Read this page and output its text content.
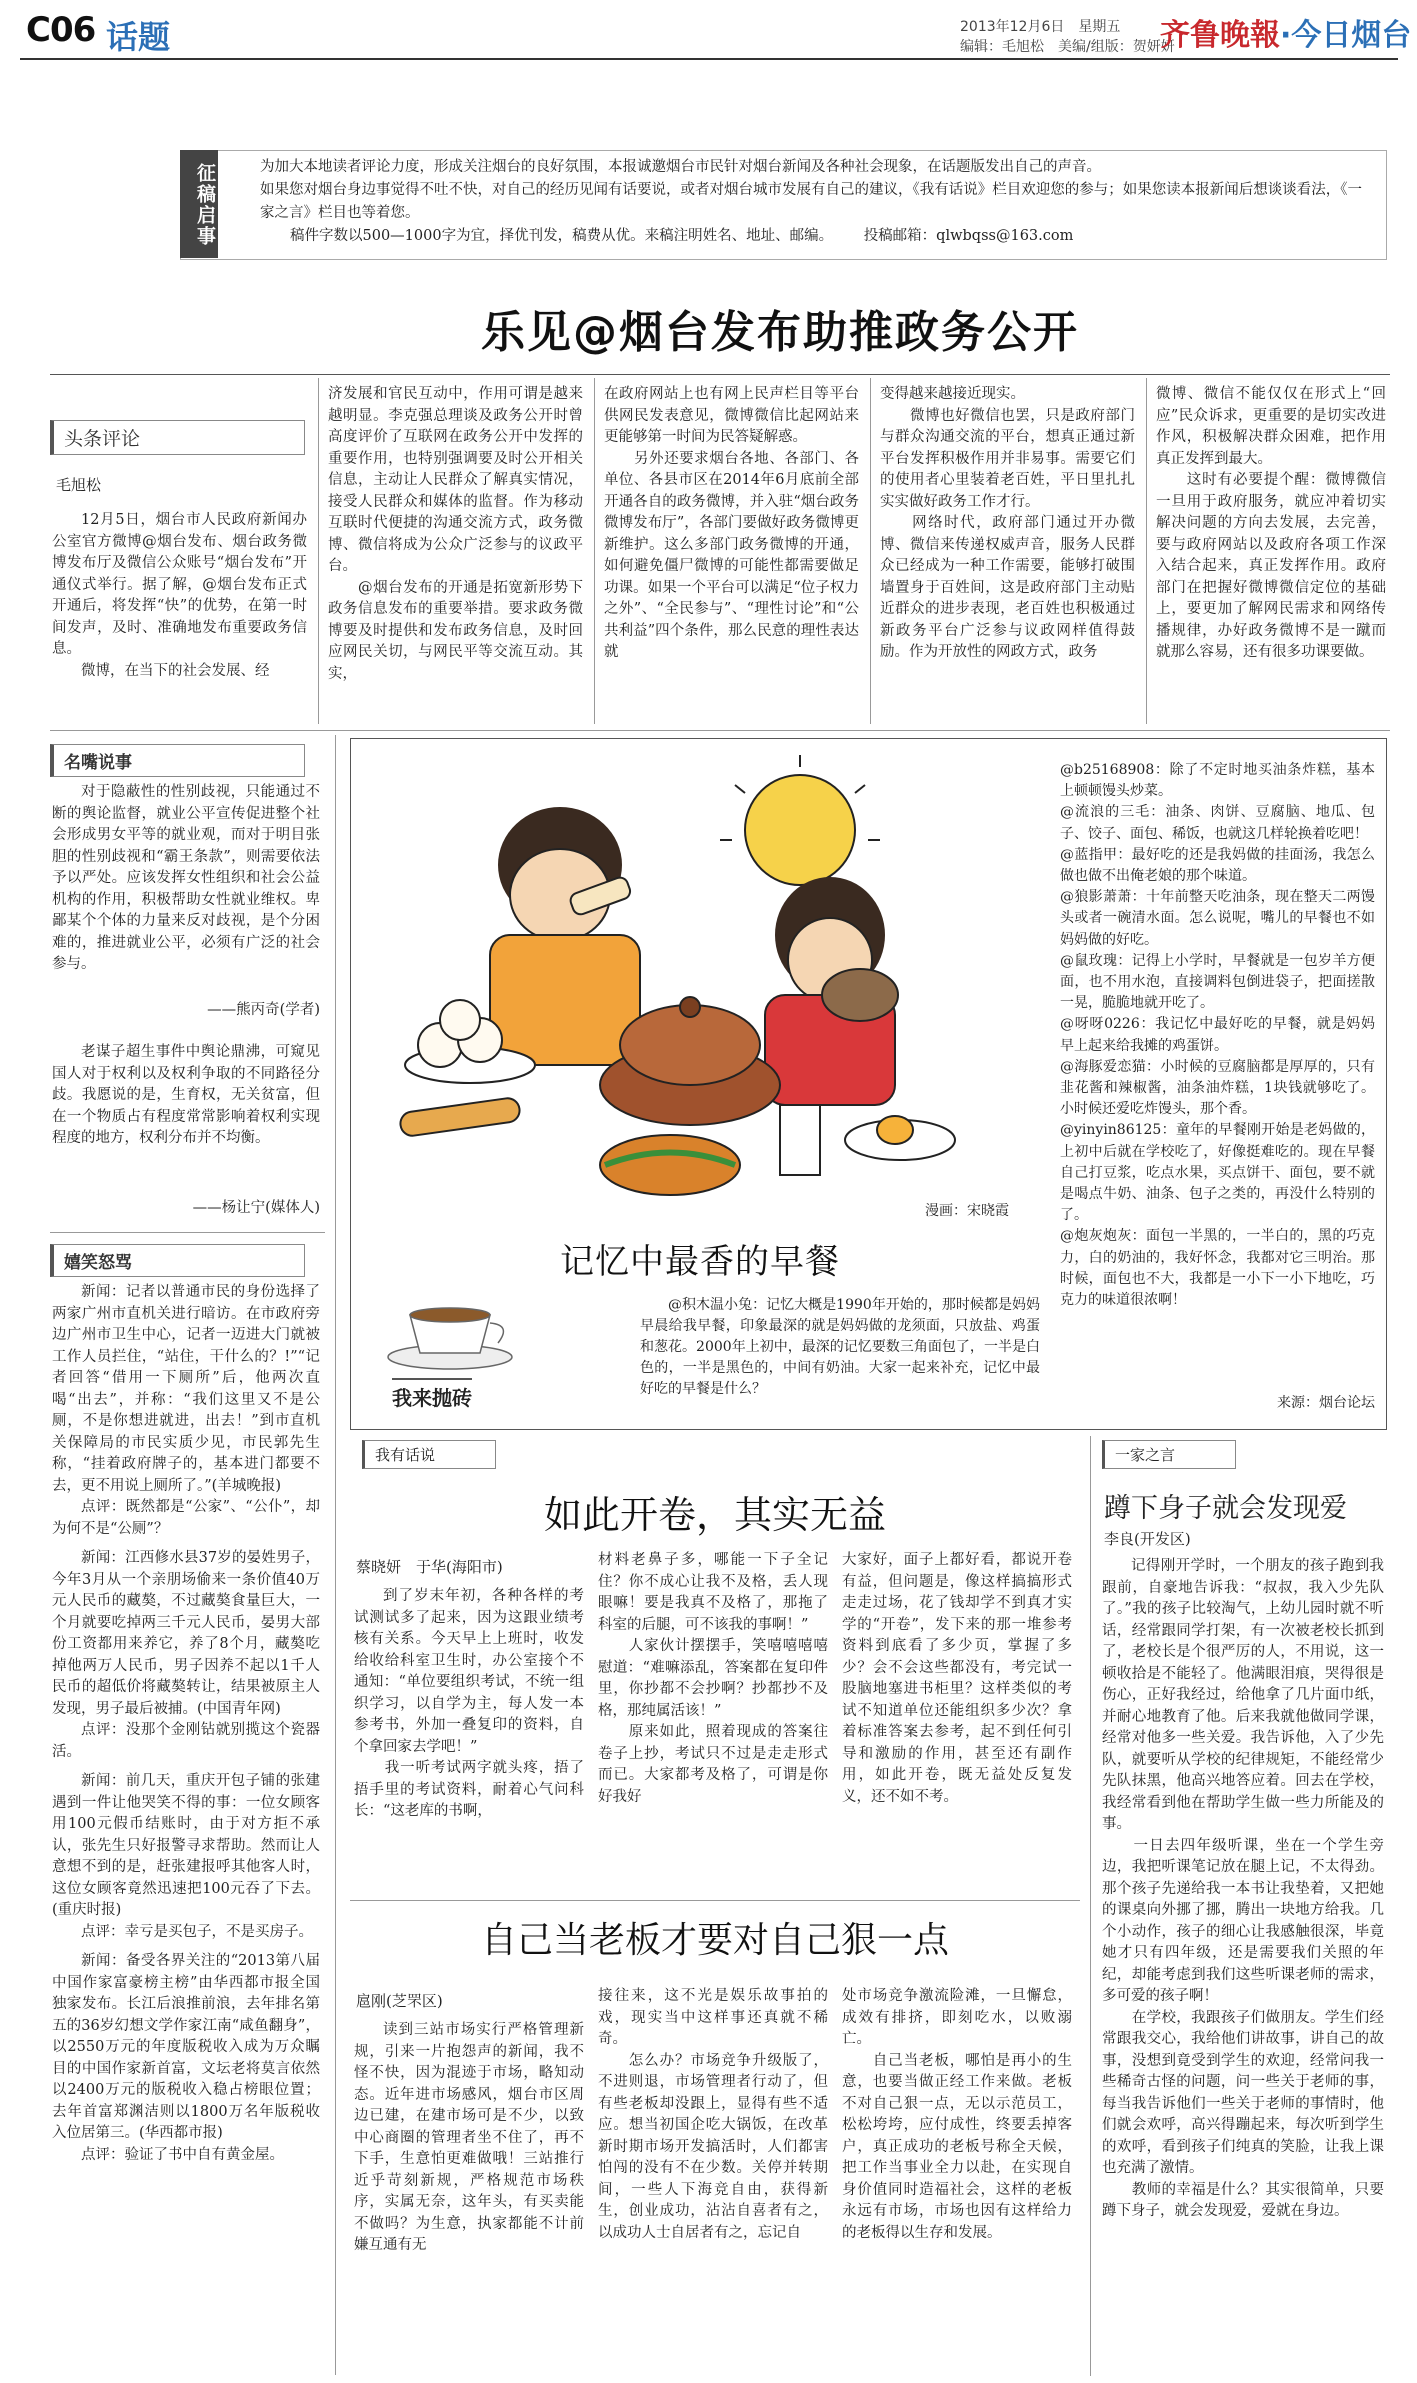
C06 话题	2013年12月6日　星期五
编辑：毛旭松　美编/组版：贺妍妍
齐鲁晚報·今日烟台
征稿启事	为加大本地读者评论力度，形成关注烟台的良好氛围，本报诚邀烟台市民针对烟台新闻及各种社会现象，在话题版发出自己的声音。
如果您对烟台身边事觉得不吐不快，对自己的经历见闻有话要说，或者对烟台城市发展有自己的建议，《我有话说》栏目欢迎您的参与；如果您读本报新闻后想谈谈看法，《一家之言》栏目也等着您。
稿件字数以500—1000字为宜，择优刊发，稿费从优。来稿注明姓名、地址、邮编。 投稿邮箱：qlwbqss@163.com
乐见@烟台发布助推政务公开
头条评论
毛旭松
12月5日，烟台市人民政府新闻办公室官方微博@烟台发布、烟台政务微博发布厅及微信公众账号“烟台发布”开通仪式举行。据了解，@烟台发布正式开通后，将发挥“快”的优势，在第一时间发声，及时、准确地发布重要政务信息。
　　微博，在当下的社会发展、经
济发展和官民互动中，作用可谓是越来越明显。李克强总理谈及政务公开时曾高度评价了互联网在政务公开中发挥的重要作用，也特别强调要及时公开相关信息，主动让人民群众了解真实情况，接受人民群众和媒体的监督。作为移动互联时代便捷的沟通交流方式，政务微博、微信将成为公众广泛参与的议政平台。
　　@烟台发布的开通是拓宽新形势下政务信息发布的重要举措。要求政务微博要及时提供和发布政务信息，及时回应网民关切，与网民平等交流互动。其实，
在政府网站上也有网上民声栏目等平台供网民发表意见，微博微信比起网站来更能够第一时间为民答疑解惑。
　　另外还要求烟台各地、各部门、各单位、各县市区在2014年6月底前全部开通各自的政务微博，并入驻“烟台政务微博发布厅”，各部门要做好政务微博更新维护。这么多部门政务微博的开通，如何避免僵尸微博的可能性都需要做足功课。如果一个平台可以满足“位子权力之外”、“全民参与”、“理性讨论”和“公共利益”四个条件，那么民意的理性表达就
变得越来越接近现实。
　　微博也好微信也罢，只是政府部门与群众沟通交流的平台，想真正通过新平台发挥积极作用并非易事。需要它们的使用者心里装着老百姓，平日里扎扎实实做好政务工作才行。
　　网络时代，政府部门通过开办微博、微信来传递权威声音，服务人民群众已经成为一种工作需要，能够打破围墙置身于百姓间，这是政府部门主动贴近群众的进步表现，老百姓也积极通过新政务平台广泛参与议政网样值得鼓励。作为开放性的网政方式，政务
微博、微信不能仅仅在形式上“回应”民众诉求，更重要的是切实改进作风，积极解决群众困难，把作用真正发挥到最大。
　　这时有必要提个醒：微博微信一旦用于政府服务，就应冲着切实解决问题的方向去发展，去完善，要与政府网站以及政府各项工作深入结合起来，真正发挥作用。政府部门在把握好微博微信定位的基础上，要更加了解网民需求和网络传播规律，办好政务微博不是一蹴而就那么容易，还有很多功课要做。
名嘴说事
对于隐蔽性的性别歧视，只能通过不断的舆论监督，就业公平宣传促进整个社会形成男女平等的就业观，而对于明目张胆的性别歧视和“霸王条款”，则需要依法予以严处。应该发挥女性组织和社会公益机构的作用，积极帮助女性就业维权。卑鄙某个个体的力量来反对歧视，是个分困难的，推进就业公平，必须有广泛的社会参与。
——熊丙奇(学者)
老谋子超生事件中舆论鼎沸，可窥见国人对于权利以及权利争取的不同路径分歧。我愿说的是，生育权，无关贫富，但在一个物质占有程度常常影响着权利实现程度的地方，权利分布并不均衡。
——杨让宁(媒体人)
嬉笑怒骂
新闻：记者以普通市民的身份选择了两家广州市直机关进行暗访。在市政府旁边广州市卫生中心，记者一迈进大门就被工作人员拦住，“站住，干什么的？!”“记者回答“借用一下厕所”后，他两次直喝“出去”，并称：“我们这里又不是公厕，不是你想进就进，出去！”到市直机关保障局的市民实质少见，市民郭先生称，“挂着政府牌子的，基本进门都要不去，更不用说上厕所了。”(羊城晚报)
点评：既然都是“公家”、“公仆”，却为何不是“公厕”？
新闻：江西修水县37岁的晏姓男子，今年3月从一个亲朋场偷来一条价值40万元人民币的藏獒，不过藏獒食量巨大，一个月就要吃掉两三千元人民币，晏男大部份工资都用来养它，养了8个月，藏獒吃掉他两万人民币，男子因养不起以1千人民币的超低价将藏獒转让，结果被原主人发现，男子最后被捕。(中国青年网)
点评：没那个金刚钻就别揽这个瓷器活。
新闻：前几天，重庆开包子铺的张建遇到一件让他哭笑不得的事：一位女顾客用100元假币结账时，由于对方拒不承认，张先生只好报警寻求帮助。然而让人意想不到的是，赶张建报呼其他客人时，这位女顾客竟然迅速把100元吞了下去。(重庆时报)
点评：幸亏是买包子，不是买房子。
新闻：备受各界关注的“2013第八届中国作家富豪榜主榜”由华西都市报全国独家发布。长江后浪推前浪，去年排名第五的36岁幻想文学作家江南“咸鱼翻身”，以2550万元的年度版税收入成为万众瞩目的中国作家新首富，文坛老将莫言依然以2400万元的版税收入稳占榜眼位置；去年首富郑渊洁则以1800万名年版税收入位居第三。(华西都市报)
点评：验证了书中自有黄金屋。
漫画：宋晓霞
记忆中最香的早餐
我来抛砖
@积木温小兔：记忆大概是1990年开始的，那时候都是妈妈早晨给我早餐，印象最深的就是妈妈做的龙须面，只放盐、鸡蛋和葱花。2000年上初中，最深的记忆要数三角面包了，一半是白色的，一半是黑色的，中间有奶油。大家一起来补充，记忆中最好吃的早餐是什么？
@b25168908：除了不定时地买油条炸糕，基本上顿顿馒头炒菜。
@流浪的三毛：油条、肉饼、豆腐脑、地瓜、包子、饺子、面包、稀饭，也就这几样轮换着吃吧！
@蓝指甲：最好吃的还是我妈做的挂面汤，我怎么做也做不出俺老娘的那个味道。
@狼影萧萧：十年前整天吃油条，现在整天二两馒头或者一碗清水面。怎么说呢，嘴儿的早餐也不如妈妈做的好吃。
@鼠玫瑰：记得上小学时，早餐就是一包岁羊方便面，也不用水泡，直接调料包倒进袋子，把面搓散一晃，脆脆地就开吃了。
@呀呀0226：我记忆中最好吃的早餐，就是妈妈早上起来给我摊的鸡蛋饼。
@海豚爱恋猫：小时候的豆腐脑都是厚厚的，只有韭花酱和辣椒酱，油条油炸糕，1块钱就够吃了。小时候还爱吃炸馒头，那个香。
@yinyin86125：童年的早餐刚开始是老妈做的，上初中后就在学校吃了，好像挺难吃的。现在早餐自己打豆浆，吃点水果，买点饼干、面包，要不就是喝点牛奶、油条、包子之类的，再没什么特别的了。
@炮灰炮灰：面包一半黑的，一半白的，黑的巧克力，白的奶油的，我好怀念，我都对它三明治。那时候，面包也不大，我都是一小下一小下地吃，巧克力的味道很浓啊！
来源：烟台论坛
我有话说
如此开卷，其实无益
蔡晓妍　于华(海阳市)
到了岁末年初，各种各样的考试测试多了起来，因为这跟业绩考核有关系。今天早上上班时，收发给收给科室卫生时，办公室接个不通知：“单位要组织考试，不统一组织学习，以自学为主，每人发一本参考书，外加一叠复印的资料，自个拿回家去学吧！”
　　我一听考试两字就头疼，捂了捂手里的考试资料，耐着心气问科长：“这老库的书啊，
材料老鼻子多，哪能一下子全记住？你不成心让我不及格，丢人现眼嘛！要是我真不及格了，那拖了科室的后腿，可不该我的事啊！”
　　人家伙计摆摆手，笑嘻嘻嘻嘻慰道：“难嘛添乱，答案都在复印件里，你抄都不会抄啊？抄都抄不及格，那纯属活该！”
　　原来如此，照着现成的答案往卷子上抄，考试只不过是走走形式而已。大家都考及格了，可谓是你好我好
大家好，面子上都好看，都说开卷有益，但问题是，像这样搞搞形式走走过场，花了钱却学不到真才实学的“开卷”，发下来的那一堆参考资料到底看了多少页，掌握了多少？会不会这些都没有，考完试一股脑地塞进书柜里？这样类似的考试不知道单位还能组织多少次？拿着标准答案去参考，起不到任何引导和激励的作用，甚至还有副作用，如此开卷，既无益处反复发义，还不如不考。
一家之言
蹲下身子就会发现爱
李良(开发区)
记得刚开学时，一个朋友的孩子跑到我跟前，自豪地告诉我：“叔叔，我入少先队了。”我的孩子比较淘气，上幼儿园时就不听话，经常跟同学打架，有一次被老校长抓到了，老校长是个很严厉的人，不用说，这一顿收拾是不能轻了。他满眼泪痕，哭得很是伤心，正好我经过，给他拿了几片面巾纸，并耐心地教育了他。后来我就他做同学课，经常对他多一些关爱。我告诉他，入了少先队，就要听从学校的纪律规矩，不能经常少先队抹黑，他高兴地答应着。回去在学校，我经常看到他在帮助学生做一些力所能及的事。
　　一日去四年级听课，坐在一个学生旁边，我把听课笔记放在腿上记，不太得劲。那个孩子先递给我一本书让我垫着，又把她的课桌向外挪了挪，腾出一块地方给我。几个小动作，孩子的细心让我感触很深，毕竟她才只有四年级，还是需要我们关照的年纪，却能考虑到我们这些听课老师的需求，多可爱的孩子啊！
　　在学校，我跟孩子们做朋友。学生们经常跟我交心，我给他们讲故事，讲自己的故事，没想到竟受到学生的欢迎，经常问我一些稀奇古怪的问题，问一些关于老师的事，每当我告诉他们一些关于老师的事情时，他们就会欢呼，高兴得蹦起来，每次听到学生的欢呼，看到孩子们纯真的笑脸，让我上课也充满了激情。
　　教师的幸福是什么？其实很简单，只要蹲下身子，就会发现爱，爱就在身边。
自己当老板才要对自己狠一点
扈刚(芝罘区)
读到三站市场实行严格管理新规，引来一片抱怨声的新闻，我不怪不快，因为混迹于市场，略知动态。近年进市场感风，烟台市区周边已建，在建市场可是不少，以致中心商圈的管理者坐不住了，再不下手，生意怕更难做哦！三站推行近乎苛刻新规，严格规范市场秩序，实属无奈，这年头，有买卖能不做吗？为生意，执家都能不计前嫌互通有无
接往来，这不光是娱乐故事拍的戏，现实当中这样事还真就不稀奇。
　　怎么办？市场竞争升级版了，不进则退，市场管理者行动了，但有些老板却没跟上，显得有些不适应。想当初国企吃大锅饭，在改革新时期市场开发搞活时，人们都害怕闯的没有不在少数。关停并转期间，一些人下海竞自由，获得新生，创业成功，沾沾自喜者有之，以成功人士自居者有之，忘记自
处市场竞争激流险滩，一旦懈怠，成效有排挤，即刻吃水，以败溺亡。
　　自己当老板，哪怕是再小的生意，也要当做正经工作来做。老板不对自己狠一点，无以示范员工，松松垮垮，应付成性，终要丢掉客户，真正成功的老板号称全天候，把工作当事业全力以赴，在实现自身价值同时造福社会，这样的老板永远有市场，市场也因有这样给力的老板得以生存和发展。
